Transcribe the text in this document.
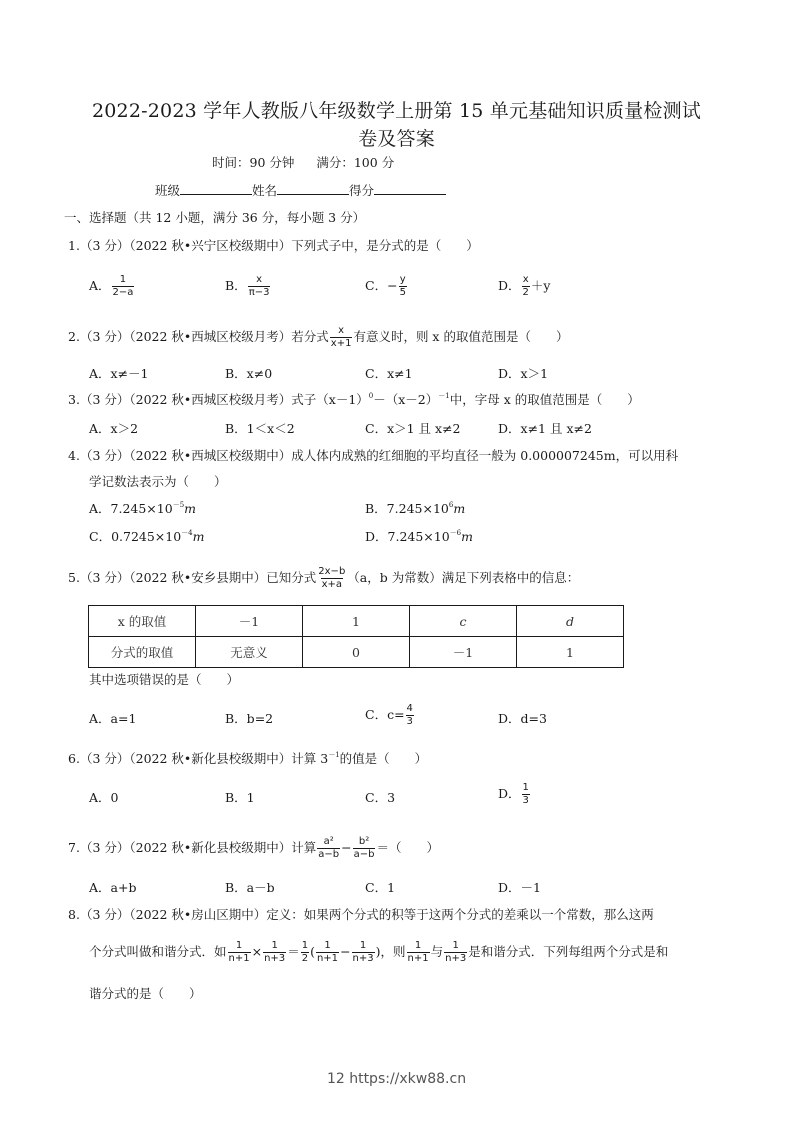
2022-2023 学年人教版八年级数学上册第 15 单元基础知识质量检测试
卷及答案
时间：90 分钟 满分：100 分
班级	姓名	得分
一、选择题（共 12 小题，满分 36 分，每小题 3 分）
1.（3 分）（2022 秋•兴宁区校级期中）下列式子中，是分式的是（　　）
A． $\frac{1}{2-a}$	B． $\frac{x}{\pi-3}$	C．− $\frac{y}{5}$	D． $\frac{x}{2} +y$
2.（3 分）（2022 秋•西城区校级月考）若分式 $\frac{x}{x+1}$ 有意义时，则 x 的取值范围是（　　）
A．x≠－1	B．x≠0	C．x≠1	D．x＞1
3.（3 分）（2022 秋•西城区校级月考）式子$(x-1)^0-(x-2)^{-1}$中，字母 x 的取值范围是（　　）
A．x＞2	B．1＜x＜2	C．x＞1 且 x≠2	D．x≠1 且 x≠2
4.（3 分）（2022 秋•西城区校级期中）成人体内成熟的红细胞的平均直径一般为 0.000007245m，可以用科
学记数法表示为（　　）
A．$7.245\times 10^{-5}m$	B．$7.245\times 10^6m$
C．$0.7245\times 10^{-4}m$	D．$7.245\times 10^{-6}m$
5.（3 分）（2022 秋•安乡县期中）已知分式 $\frac{2x-b}{x+a} (a$，b 为常数）满足下列表格中的信息：
x 的取值	－1	1	c	d
分式的取值	无意义	0	－1	1
其中选项错误的是（　　）
A．a=1	B．b=2	C．$c= \frac{4}{3}$	D．d=3
6.（3 分）（2022 秋•新化县校级期中）计算 $3^{-1}$的值是（　　）
A．0	B．1	C．3	D． $\frac{1}{3}$
7.（3 分）（2022 秋•新化县校级期中）计算 $\frac{\text{a²}}{a-b} - \frac{\text{b²}}{a-b}$ ＝（　　）
A．a+b	B．a－b	C．1	D．－1
8.（3 分）（2022 秋•房山区期中）定义：如果两个分式的积等于这两个分式的差乘以一个常数，那么这两
个分式叫做和谐分式．如 $\frac{1}{n+1} \times \frac{1}{n+3} = \frac{1}{2}$ ( $\frac{1}{n+1} - \frac{1}{n+3}$ )，则 $\frac{1}{n+1}$ 与 $\frac{1}{n+3}$ 是和谐分式．下列每组两个分式是和
谐分式的是（　　）
12 https://xkw88.cn
